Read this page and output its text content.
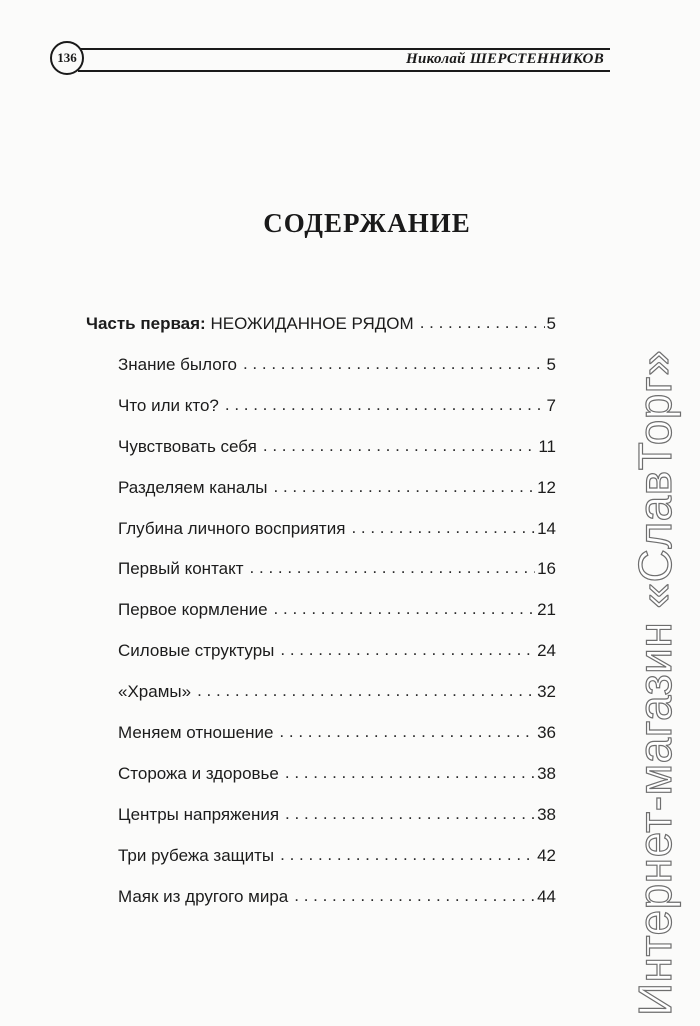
136	Николай ШЕРСТЕННИКОВ
СОДЕРЖАНИЕ
Часть первая: НЕОЖИДАННОЕ РЯДОМ . . .	5
Знание былого . . .	5
Что или кто? . . .	7
Чувствовать себя . . .	11
Разделяем каналы . . .	12
Глубина личного восприятия . . .	14
Первый контакт . . .	16
Первое кормление . . .	21
Силовые структуры . . .	24
«Храмы» . . .	32
Меняем отношение . . .	36
Сторожа и здоровье . . .	38
Центры напряжения . . .	38
Три рубежа защиты . . .	42
Маяк из другого мира . . .	44 Интернет-магазин «СлавТорг»
